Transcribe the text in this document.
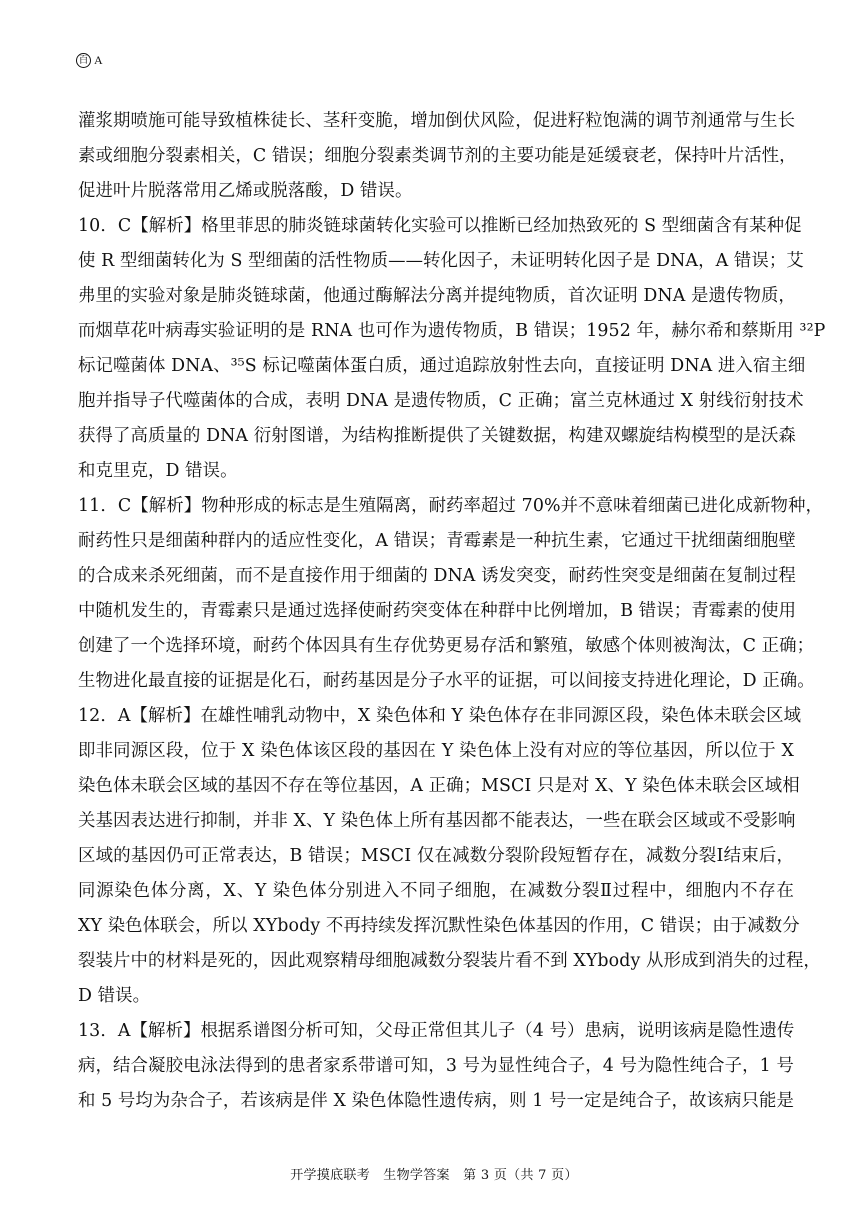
百 A
灌浆期喷施可能导致植株徒长、茎秆变脆，增加倒伏风险，促进籽粒饱满的调节剂通常与生长
素或细胞分裂素相关，C 错误；细胞分裂素类调节剂的主要功能是延缓衰老，保持叶片活性，
促进叶片脱落常用乙烯或脱落酸，D 错误。
10．C【解析】格里菲思的肺炎链球菌转化实验可以推断已经加热致死的 S 型细菌含有某种促
使 R 型细菌转化为 S 型细菌的活性物质——转化因子，未证明转化因子是 DNA，A 错误；艾
弗里的实验对象是肺炎链球菌，他通过酶解法分离并提纯物质，首次证明 DNA 是遗传物质，
而烟草花叶病毒实验证明的是 RNA 也可作为遗传物质，B 错误；1952 年，赫尔希和蔡斯用 ³²P
标记噬菌体 DNA、³⁵S 标记噬菌体蛋白质，通过追踪放射性去向，直接证明 DNA 进入宿主细
胞并指导子代噬菌体的合成，表明 DNA 是遗传物质，C 正确；富兰克林通过 X 射线衍射技术
获得了高质量的 DNA 衍射图谱，为结构推断提供了关键数据，构建双螺旋结构模型的是沃森
和克里克，D 错误。
11．C【解析】物种形成的标志是生殖隔离，耐药率超过 70%并不意味着细菌已进化成新物种，
耐药性只是细菌种群内的适应性变化，A 错误；青霉素是一种抗生素，它通过干扰细菌细胞壁
的合成来杀死细菌，而不是直接作用于细菌的 DNA 诱发突变，耐药性突变是细菌在复制过程
中随机发生的，青霉素只是通过选择使耐药突变体在种群中比例增加，B 错误；青霉素的使用
创建了一个选择环境，耐药个体因具有生存优势更易存活和繁殖，敏感个体则被淘汰，C 正确；
生物进化最直接的证据是化石，耐药基因是分子水平的证据，可以间接支持进化理论，D 正确。
12．A【解析】在雄性哺乳动物中，X 染色体和 Y 染色体存在非同源区段，染色体未联会区域
即非同源区段，位于 X 染色体该区段的基因在 Y 染色体上没有对应的等位基因，所以位于 X
染色体未联会区域的基因不存在等位基因，A 正确；MSCI 只是对 X、Y 染色体未联会区域相
关基因表达进行抑制，并非 X、Y 染色体上所有基因都不能表达，一些在联会区域或不受影响
区域的基因仍可正常表达，B 错误；MSCI 仅在减数分裂阶段短暂存在，减数分裂Ⅰ结束后，
同源染色体分离，X、Y 染色体分别进入不同子细胞，在减数分裂Ⅱ过程中，细胞内不存在
XY 染色体联会，所以 XYbody 不再持续发挥沉默性染色体基因的作用，C 错误；由于减数分
裂装片中的材料是死的，因此观察精母细胞减数分裂装片看不到 XYbody 从形成到消失的过程，
D 错误。
13．A【解析】根据系谱图分析可知，父母正常但其儿子（4 号）患病，说明该病是隐性遗传
病，结合凝胶电泳法得到的患者家系带谱可知，3 号为显性纯合子，4 号为隐性纯合子，1 号
和 5 号均为杂合子，若该病是伴 X 染色体隐性遗传病，则 1 号一定是纯合子，故该病只能是
开学摸底联考　生物学答案　第 3 页（共 7 页）
